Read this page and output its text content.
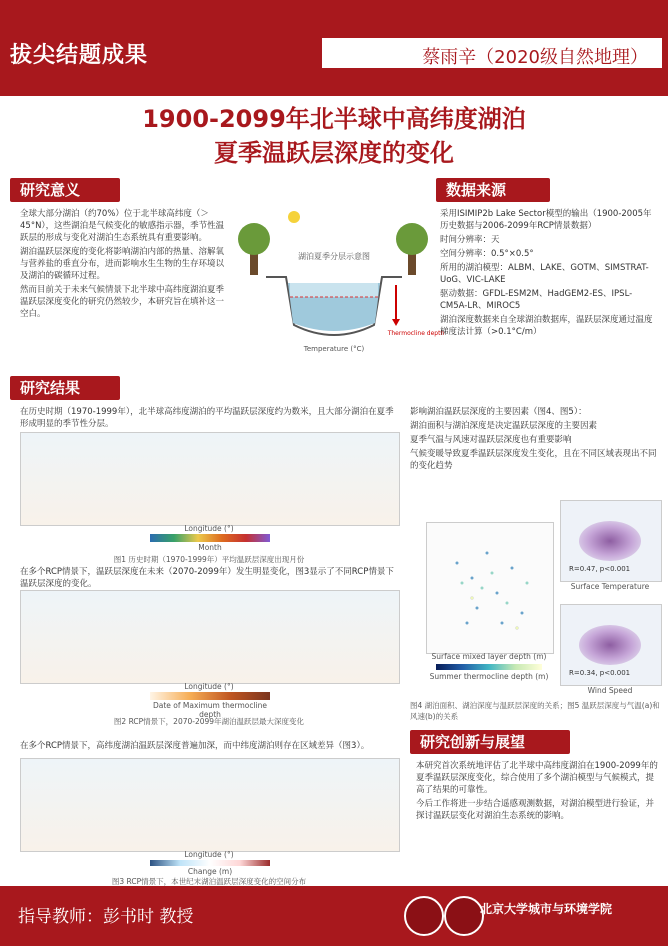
拔尖结题成果	蔡雨辛（2020级自然地理）
1900-2099年北半球中高纬度湖泊
夏季温跃层深度的变化
研究意义

全球大部分湖泊（约70%）位于北半球高纬度（＞45°N），这些湖泊是气候变化的敏感指示器，季节性温跃层的形成与变化对湖泊生态系统具有重要影响。

湖泊温跃层深度的变化将影响湖泊内部的热量、溶解氧与营养盐的垂直分布，进而影响水生生物的生存环境以及湖泊的碳循环过程。

然而目前关于未来气候情景下北半球中高纬度湖泊夏季温跃层深度变化的研究仍然较少，本研究旨在填补这一空白。

湖泊夏季分层示意图
Temperature (°C)
Thermocline depth
数据来源

采用ISIMIP2b Lake Sector模型的输出（1900-2005年历史数据与2006-2099年RCP情景数据）

时间分辨率：天

空间分辨率：0.5°×0.5°

所用的湖泊模型：ALBM、LAKE、GOTM、SIMSTRAT-UoG、VIC-LAKE

驱动数据：GFDL-ESM2M、HadGEM2-ES、IPSL-CM5A-LR、MIROC5

湖泊深度数据来自全球湖泊数据库，温跃层深度通过温度梯度法计算（>0.1°C/m）

研究结果
在历史时期（1970-1999年），北半球高纬度湖泊的平均温跃层深度约为数米，且大部分湖泊在夏季形成明显的季节性分层。
Longitude (°)
Month
图1 历史时期（1970-1999年）平均温跃层深度出现月份
在多个RCP情景下，温跃层深度在未来（2070-2099年）发生明显变化，图3显示了不同RCP情景下温跃层深度的变化。
Longitude (°)
Date of Maximum thermocline depth
图2 RCP情景下，2070-2099年湖泊温跃层最大深度变化
在多个RCP情景下，高纬度湖泊温跃层深度普遍加深，而中纬度湖泊则存在区域差异（图3）。
Longitude (°)
Change (m)
图3 RCP情景下，本世纪末湖泊温跃层深度变化的空间分布

影响湖泊温跃层深度的主要因素（图4、图5）：

湖泊面积与湖泊深度是决定温跃层深度的主要因素

夏季气温与风速对温跃层深度也有重要影响

气候变暖导致夏季温跃层深度发生变化，且在不同区域表现出不同的变化趋势

Surface mixed layer depth (m)
Summer thermocline depth (m)
R=0.47, p<0.001
Surface Temperature
R=0.34, p<0.001
Wind Speed
图4 湖泊面积、湖泊深度与温跃层深度的关系；图5 温跃层深度与气温(a)和风速(b)的关系
研究创新与展望

本研究首次系统地评估了北半球中高纬度湖泊在1900-2099年的夏季温跃层深度变化，综合使用了多个湖泊模型与气候模式，提高了结果的可靠性。

今后工作将进一步结合遥感观测数据，对湖泊模型进行验证，并探讨温跃层变化对湖泊生态系统的影响。

指导教师：彭书时 教授	北京大学城市与环境学院
